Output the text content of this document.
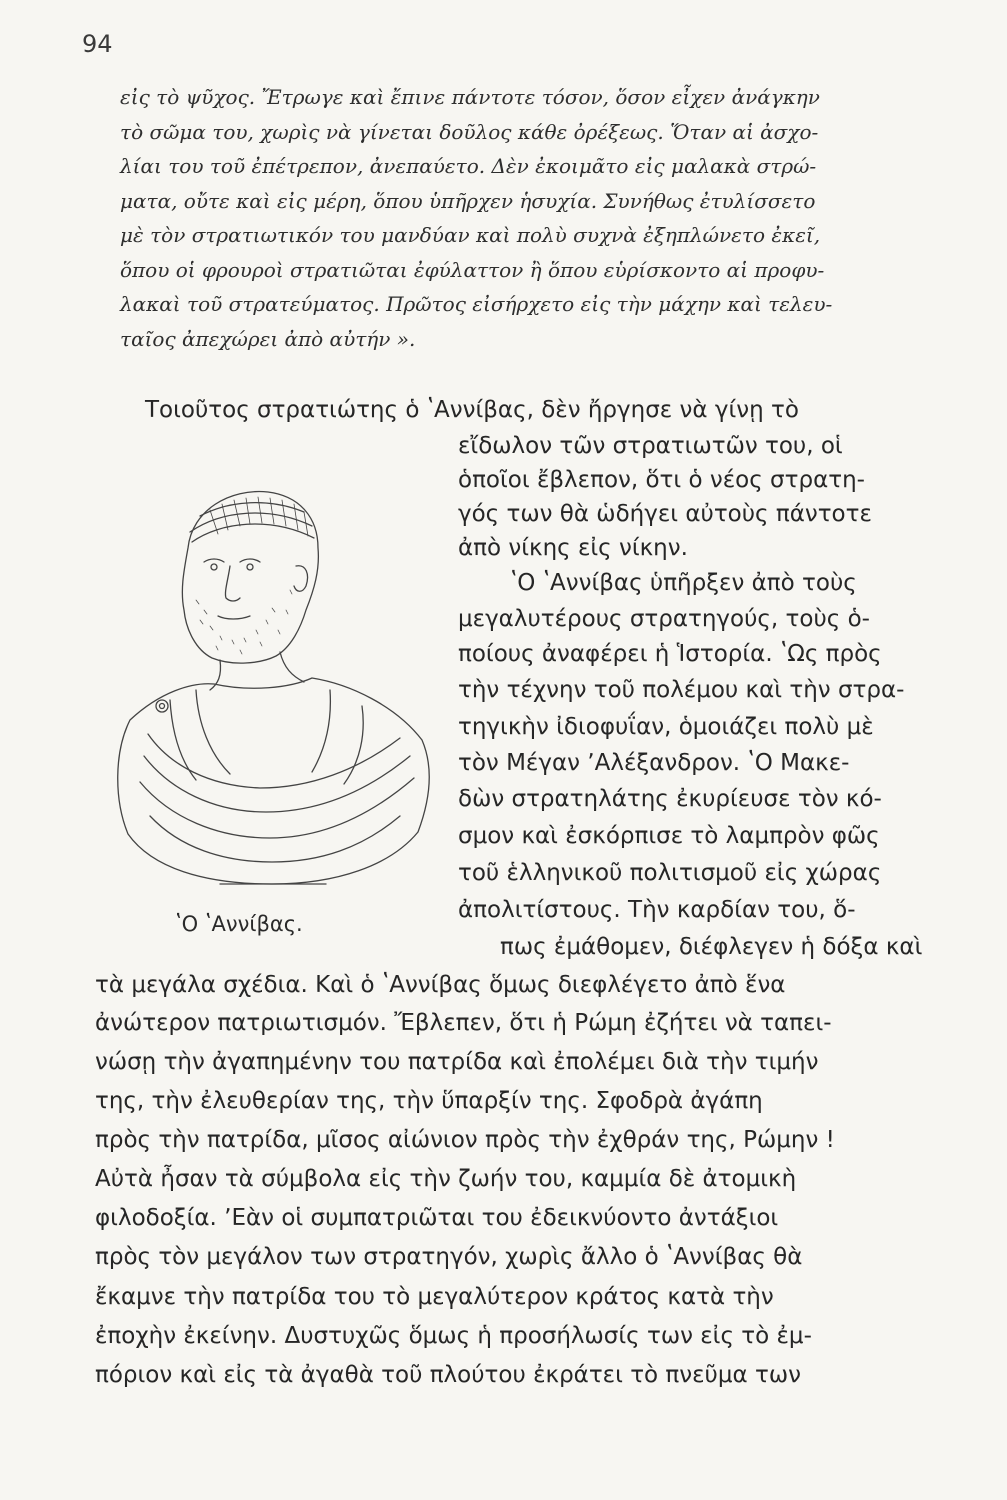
94
εἰς τὸ ψῦχος. Ἔτρωγε καὶ ἔπινε πάντοτε τόσον, ὅσον εἶχεν ἀνάγκην
τὸ σῶμα του, χωρὶς νὰ γίνεται δοῦλος κάθε ὀρέξεως. Ὅταν αἱ ἀσχο-
λίαι του τοῦ ἐπέτρεπον, ἀνεπαύετο. Δὲν ἐκοιμᾶτο εἰς μαλακὰ στρώ-
ματα, οὔτε καὶ εἰς μέρη, ὅπου ὑπῆρχεν ἡσυχία. Συνήθως ἐτυλίσσετο
μὲ τὸν στρατιωτικόν του μανδύαν καὶ πολὺ συχνὰ ἐξηπλώνετο ἐκεῖ,
ὅπου οἱ φρουροὶ στρατιῶται ἐφύλαττον ἢ ὅπου εὑρίσκοντο αἱ προφυ-
λακαὶ τοῦ στρατεύματος. Πρῶτος εἰσήρχετο εἰς τὴν μάχην καὶ τελευ-
ταῖος ἀπεχώρει ἀπὸ αὐτήν ».
Τοιοῦτος στρατιώτης ὁ ʽΑννίβας, δὲν ἤργησε νὰ γίνῃ τὸ
εἴδωλον τῶν στρατιωτῶν του, οἱ
ὁποῖοι ἔβλεπον, ὅτι ὁ νέος στρατη-
γός των θὰ ὡδήγει αὐτοὺς πάντοτε
ἀπὸ νίκης εἰς νίκην.
ʽΟ ʽΑννίβας ὑπῆρξεν ἀπὸ τοὺς
μεγαλυτέρους στρατηγούς, τοὺς ὁ-
ποίους ἀναφέρει ἡ Ἱστορία. ʽΩς πρὸς
τὴν τέχνην τοῦ πολέμου καὶ τὴν στρα-
τηγικὴν ἰδιοφυΐαν, ὁμοιάζει πολὺ μὲ
τὸν Μέγαν ʼΑλέξανδρον. ʽΟ Μακε-
δὼν στρατηλάτης ἐκυρίευσε τὸν κό-
σμον καὶ ἐσκόρπισε τὸ λαμπρὸν φῶς
τοῦ ἑλληνικοῦ πολιτισμοῦ εἰς χώρας
ἀπολιτίστους. Τὴν καρδίαν του, ὅ-
πως ἐμάθομεν, διέφλεγεν ἡ δόξα καὶ
τὰ μεγάλα σχέδια. Καὶ ὁ ʽΑννίβας ὅμως διεφλέγετο ἀπὸ ἕνα
ἀνώτερον πατριωτισμόν. Ἔβλεπεν, ὅτι ἡ Ρώμη ἐζήτει νὰ ταπει-
νώσῃ τὴν ἀγαπημένην του πατρίδα καὶ ἐπολέμει διὰ τὴν τιμήν
της, τὴν ἐλευθερίαν της, τὴν ὕπαρξίν της. Σφοδρὰ ἀγάπη
πρὸς τὴν πατρίδα, μῖσος αἰώνιον πρὸς τὴν ἐχθράν της, Ρώμην !
Αὐτὰ ἦσαν τὰ σύμβολα εἰς τὴν ζωήν του, καμμία δὲ ἀτομικὴ
φιλοδοξία. ʼΕὰν οἱ συμπατριῶται του ἐδεικνύοντο ἀντάξιοι
πρὸς τὸν μεγάλον των στρατηγόν, χωρὶς ἄλλο ὁ ʽΑννίβας θὰ
ἔκαμνε τὴν πατρίδα του τὸ μεγαλύτερον κράτος κατὰ τὴν
ἐποχὴν ἐκείνην. Δυστυχῶς ὅμως ἡ προσήλωσίς των εἰς τὸ ἐμ-
πόριον καὶ εἰς τὰ ἀγαθὰ τοῦ πλούτου ἐκράτει τὸ πνεῦμα των
ʽΟ ʽΑννίβας.
